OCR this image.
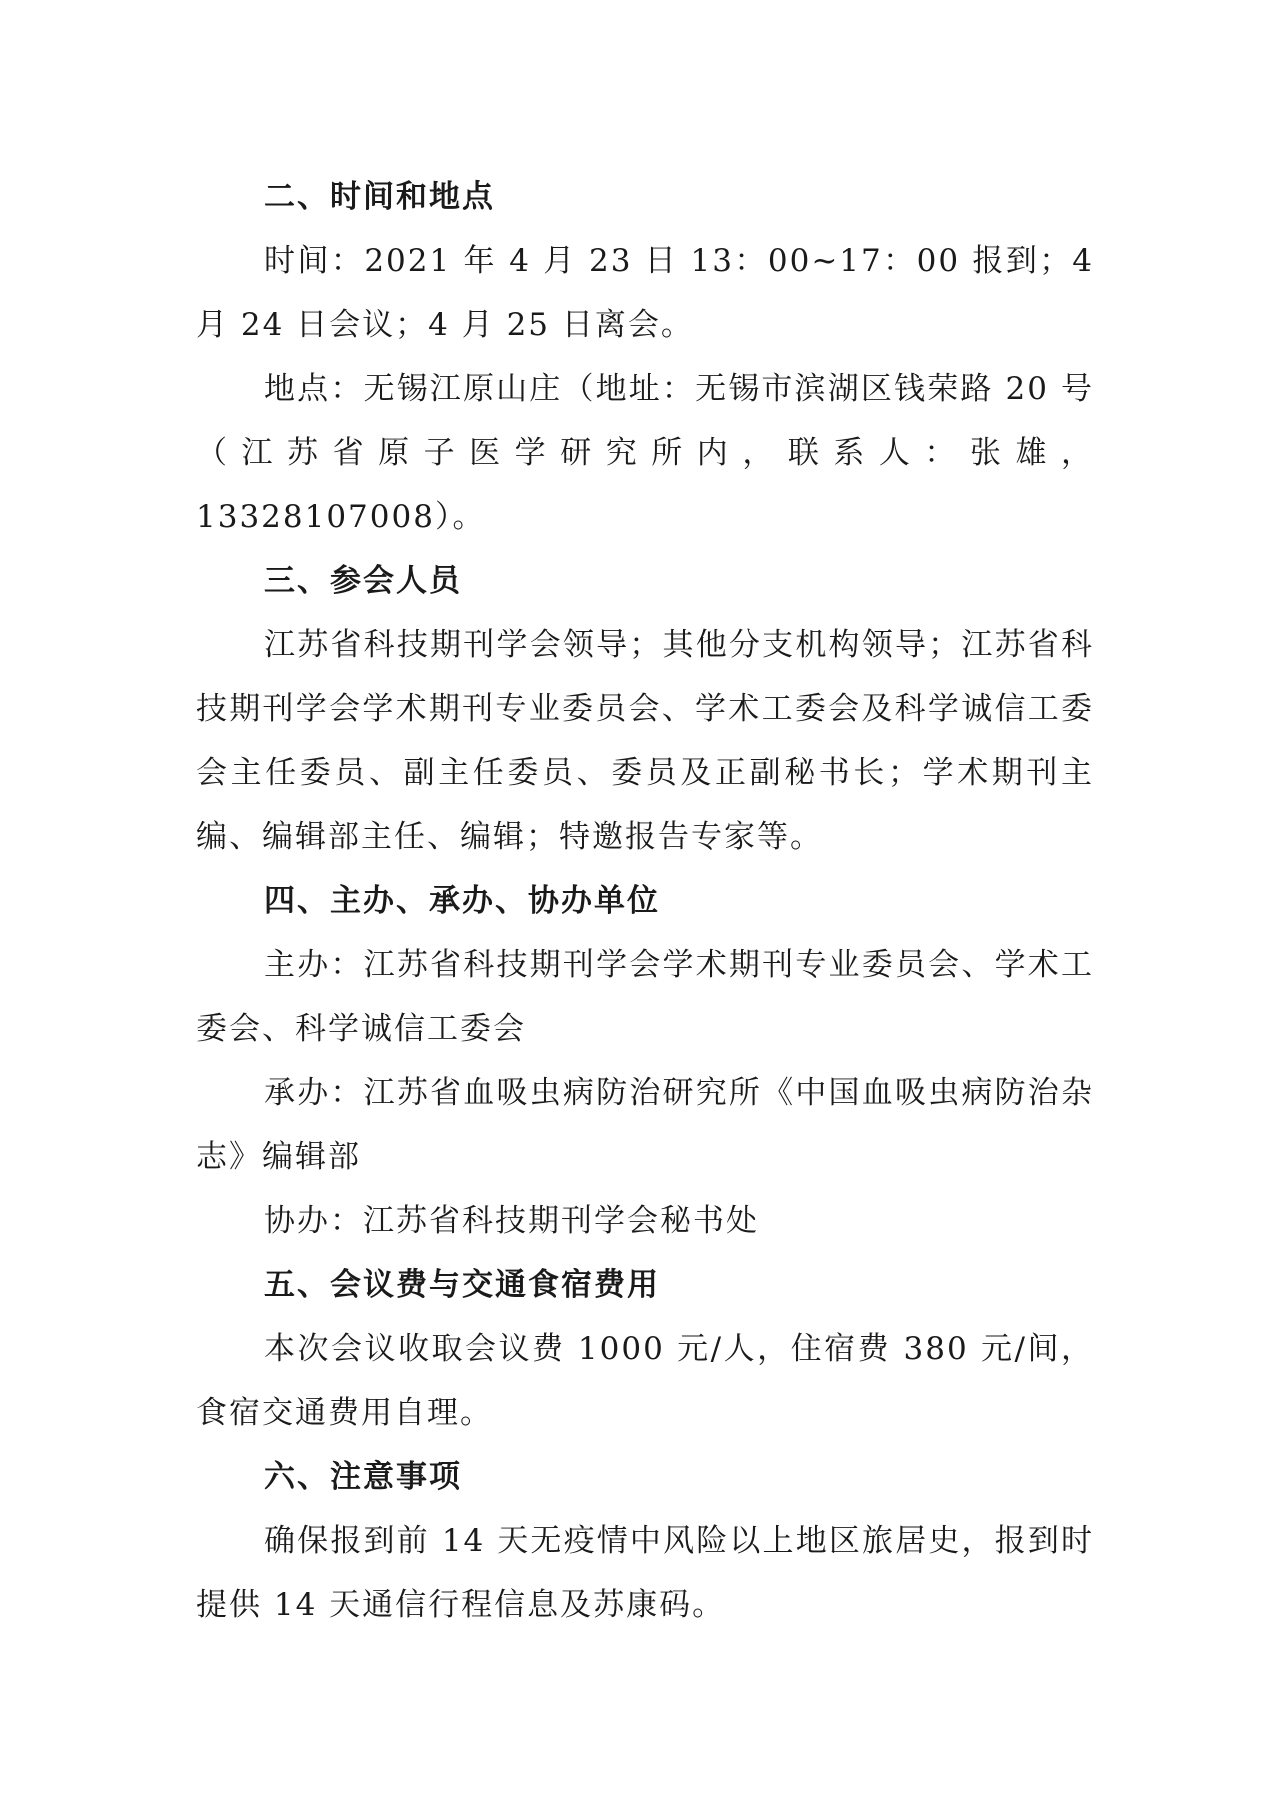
二、时间和地点

时间：2021 年 4 月 23 日 13：00~17：00 报到；4 月 24 日会议；4 月 25 日离会。

地点：无锡江原山庄（地址：无锡市滨湖区钱荣路 20 号（江苏省原子医学研究所内，联系人：张雄，13328107008）。

三、参会人员

江苏省科技期刊学会领导；其他分支机构领导；江苏省科技期刊学会学术期刊专业委员会、学术工委会及科学诚信工委会主任委员、副主任委员、委员及正副秘书长；学术期刊主编、编辑部主任、编辑；特邀报告专家等。

四、主办、承办、协办单位

主办：江苏省科技期刊学会学术期刊专业委员会、学术工委会、科学诚信工委会

承办：江苏省血吸虫病防治研究所《中国血吸虫病防治杂志》编辑部

协办：江苏省科技期刊学会秘书处

五、会议费与交通食宿费用

本次会议收取会议费 1000 元/人，住宿费 380 元/间，食宿交通费用自理。

六、注意事项

确保报到前 14 天无疫情中风险以上地区旅居史，报到时提供 14 天通信行程信息及苏康码。
